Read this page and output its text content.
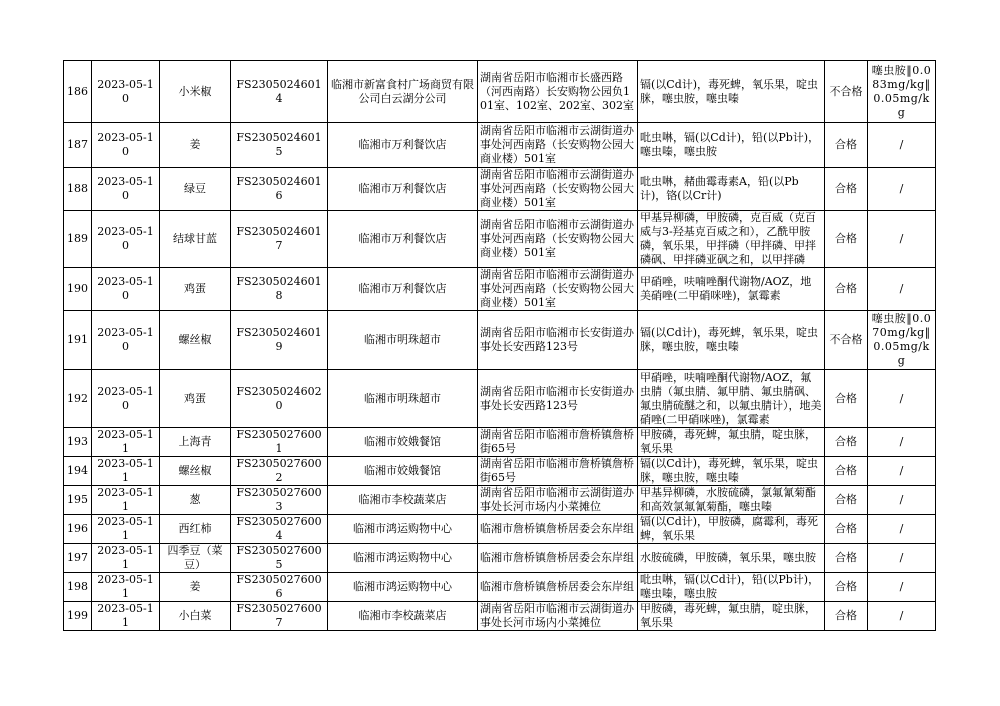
186	2023-05-10	小米椒	FS23050246014	临湘市新富食村广场商贸有限公司白云湖分公司	湖南省岳阳市临湘市长盛西路（河西南路）长安购物公园负101室、102室、202室、302室	镉(以Cd计)，毒死蜱，氧乐果，啶虫脒，噻虫胺，噻虫嗪	不合格	噻虫胺‖0.083mg/kg‖0.05mg/kg
187	2023-05-10	姜	FS23050246015	临湘市万利餐饮店	湖南省岳阳市临湘市云湖街道办事处河西南路（长安购物公园大商业楼）501室	吡虫啉，镉(以Cd计)，铅(以Pb计)，噻虫嗪，噻虫胺	合格	/
188	2023-05-10	绿豆	FS23050246016	临湘市万利餐饮店	湖南省岳阳市临湘市云湖街道办事处河西南路（长安购物公园大商业楼）501室	吡虫啉，赭曲霉毒素A，铅(以Pb计)，铬(以Cr计)	合格	/
189	2023-05-10	结球甘蓝	FS23050246017	临湘市万利餐饮店	湖南省岳阳市临湘市云湖街道办事处河西南路（长安购物公园大商业楼）501室	甲基异柳磷，甲胺磷，克百威（克百威与3-羟基克百威之和），乙酰甲胺磷，氧乐果，甲拌磷（甲拌磷、甲拌磷砜、甲拌磷亚砜之和，以甲拌磷	合格	/
190	2023-05-10	鸡蛋	FS23050246018	临湘市万利餐饮店	湖南省岳阳市临湘市云湖街道办事处河西南路（长安购物公园大商业楼）501室	甲硝唑，呋喃唑酮代谢物/AOZ，地美硝唑(二甲硝咪唑)，氯霉素	合格	/
191	2023-05-10	螺丝椒	FS23050246019	临湘市明珠超市	湖南省岳阳市临湘市长安街道办事处长安西路123号	镉(以Cd计)，毒死蜱，氧乐果，啶虫脒，噻虫胺，噻虫嗪	不合格	噻虫胺‖0.070mg/kg‖0.05mg/kg
192	2023-05-10	鸡蛋	FS23050246020	临湘市明珠超市	湖南省岳阳市临湘市长安街道办事处长安西路123号	甲硝唑，呋喃唑酮代谢物/AOZ，氟虫腈（氟虫腈、氟甲腈、氟虫腈砜、氟虫腈硫醚之和，以氟虫腈计），地美硝唑(二甲硝咪唑)，氯霉素	合格	/
193	2023-05-11	上海青	FS23050276001	临湘市姣娥餐馆	湖南省岳阳市临湘市詹桥镇詹桥街65号	甲胺磷，毒死蜱，氟虫腈，啶虫脒，氧乐果	合格	/
194	2023-05-11	螺丝椒	FS23050276002	临湘市姣娥餐馆	湖南省岳阳市临湘市詹桥镇詹桥街65号	镉(以Cd计)，毒死蜱，氧乐果，啶虫脒，噻虫胺，噻虫嗪	合格	/
195	2023-05-11	葱	FS23050276003	临湘市李校蔬菜店	湖南省岳阳市临湘市云湖街道办事处长河市场内小菜摊位	甲基异柳磷，水胺硫磷，氯氟氰菊酯和高效氯氟氰菊酯，噻虫嗪	合格	/
196	2023-05-11	西红柿	FS23050276004	临湘市鸿运购物中心	临湘市詹桥镇詹桥居委会东岸组	镉(以Cd计)，甲胺磷，腐霉利，毒死蜱，氧乐果	合格	/
197	2023-05-11	四季豆（菜豆）	FS23050276005	临湘市鸿运购物中心	临湘市詹桥镇詹桥居委会东岸组	水胺硫磷，甲胺磷，氧乐果，噻虫胺	合格	/
198	2023-05-11	姜	FS23050276006	临湘市鸿运购物中心	临湘市詹桥镇詹桥居委会东岸组	吡虫啉，镉(以Cd计)，铅(以Pb计)，噻虫嗪，噻虫胺	合格	/
199	2023-05-11	小白菜	FS23050276007	临湘市李校蔬菜店	湖南省岳阳市临湘市云湖街道办事处长河市场内小菜摊位	甲胺磷，毒死蜱，氟虫腈，啶虫脒，氧乐果	合格	/
